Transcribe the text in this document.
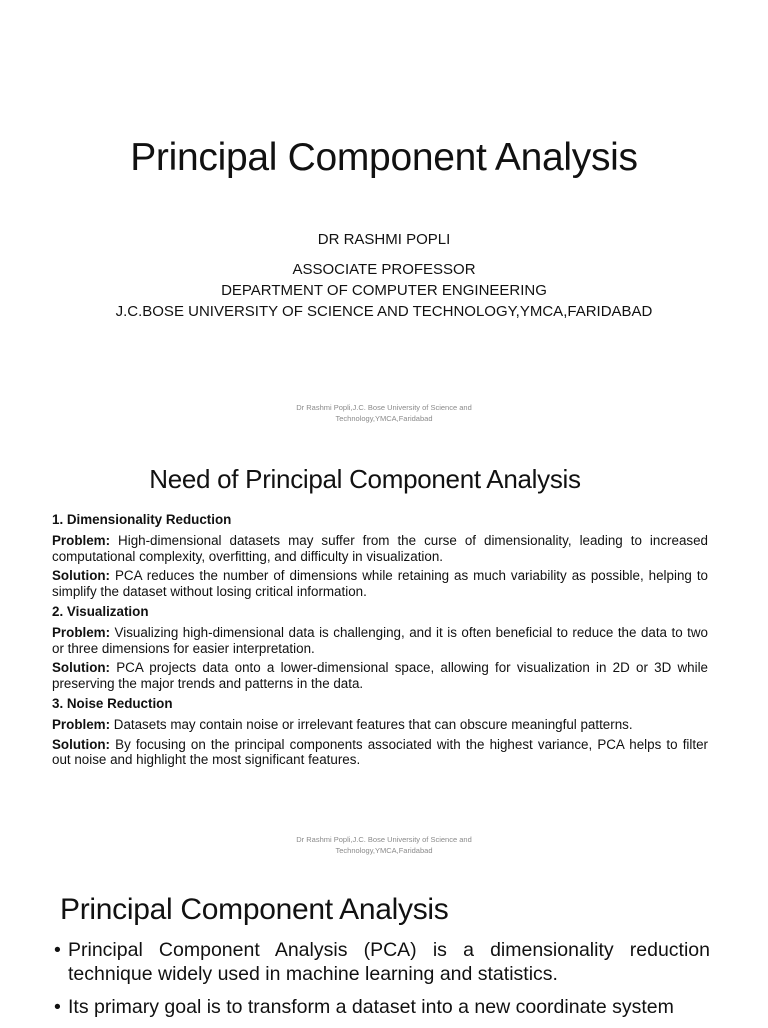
Principal Component Analysis
DR RASHMI POPLI
ASSOCIATE PROFESSOR
DEPARTMENT OF COMPUTER ENGINEERING
J.C.BOSE UNIVERSITY OF SCIENCE AND TECHNOLOGY,YMCA,FARIDABAD
Dr Rashmi Popli,J.C. Bose University of Science and
Technology,YMCA,Faridabad
Need of Principal Component Analysis
1. Dimensionality Reduction
Problem: High-dimensional datasets may suffer from the curse of dimensionality, leading to increased computational complexity, overfitting, and difficulty in visualization.
Solution: PCA reduces the number of dimensions while retaining as much variability as possible, helping to simplify the dataset without losing critical information.
2. Visualization
Problem: Visualizing high-dimensional data is challenging, and it is often beneficial to reduce the data to two or three dimensions for easier interpretation.
Solution: PCA projects data onto a lower-dimensional space, allowing for visualization in 2D or 3D while preserving the major trends and patterns in the data.
3. Noise Reduction
Problem: Datasets may contain noise or irrelevant features that can obscure meaningful patterns.
Solution: By focusing on the principal components associated with the highest variance, PCA helps to filter out noise and highlight the most significant features.
Dr Rashmi Popli,J.C. Bose University of Science and
Technology,YMCA,Faridabad
Principal Component Analysis
• Principal Component Analysis (PCA) is a dimensionality reduction technique widely used in machine learning and statistics.
• Its primary goal is to transform a dataset into a new coordinate system
